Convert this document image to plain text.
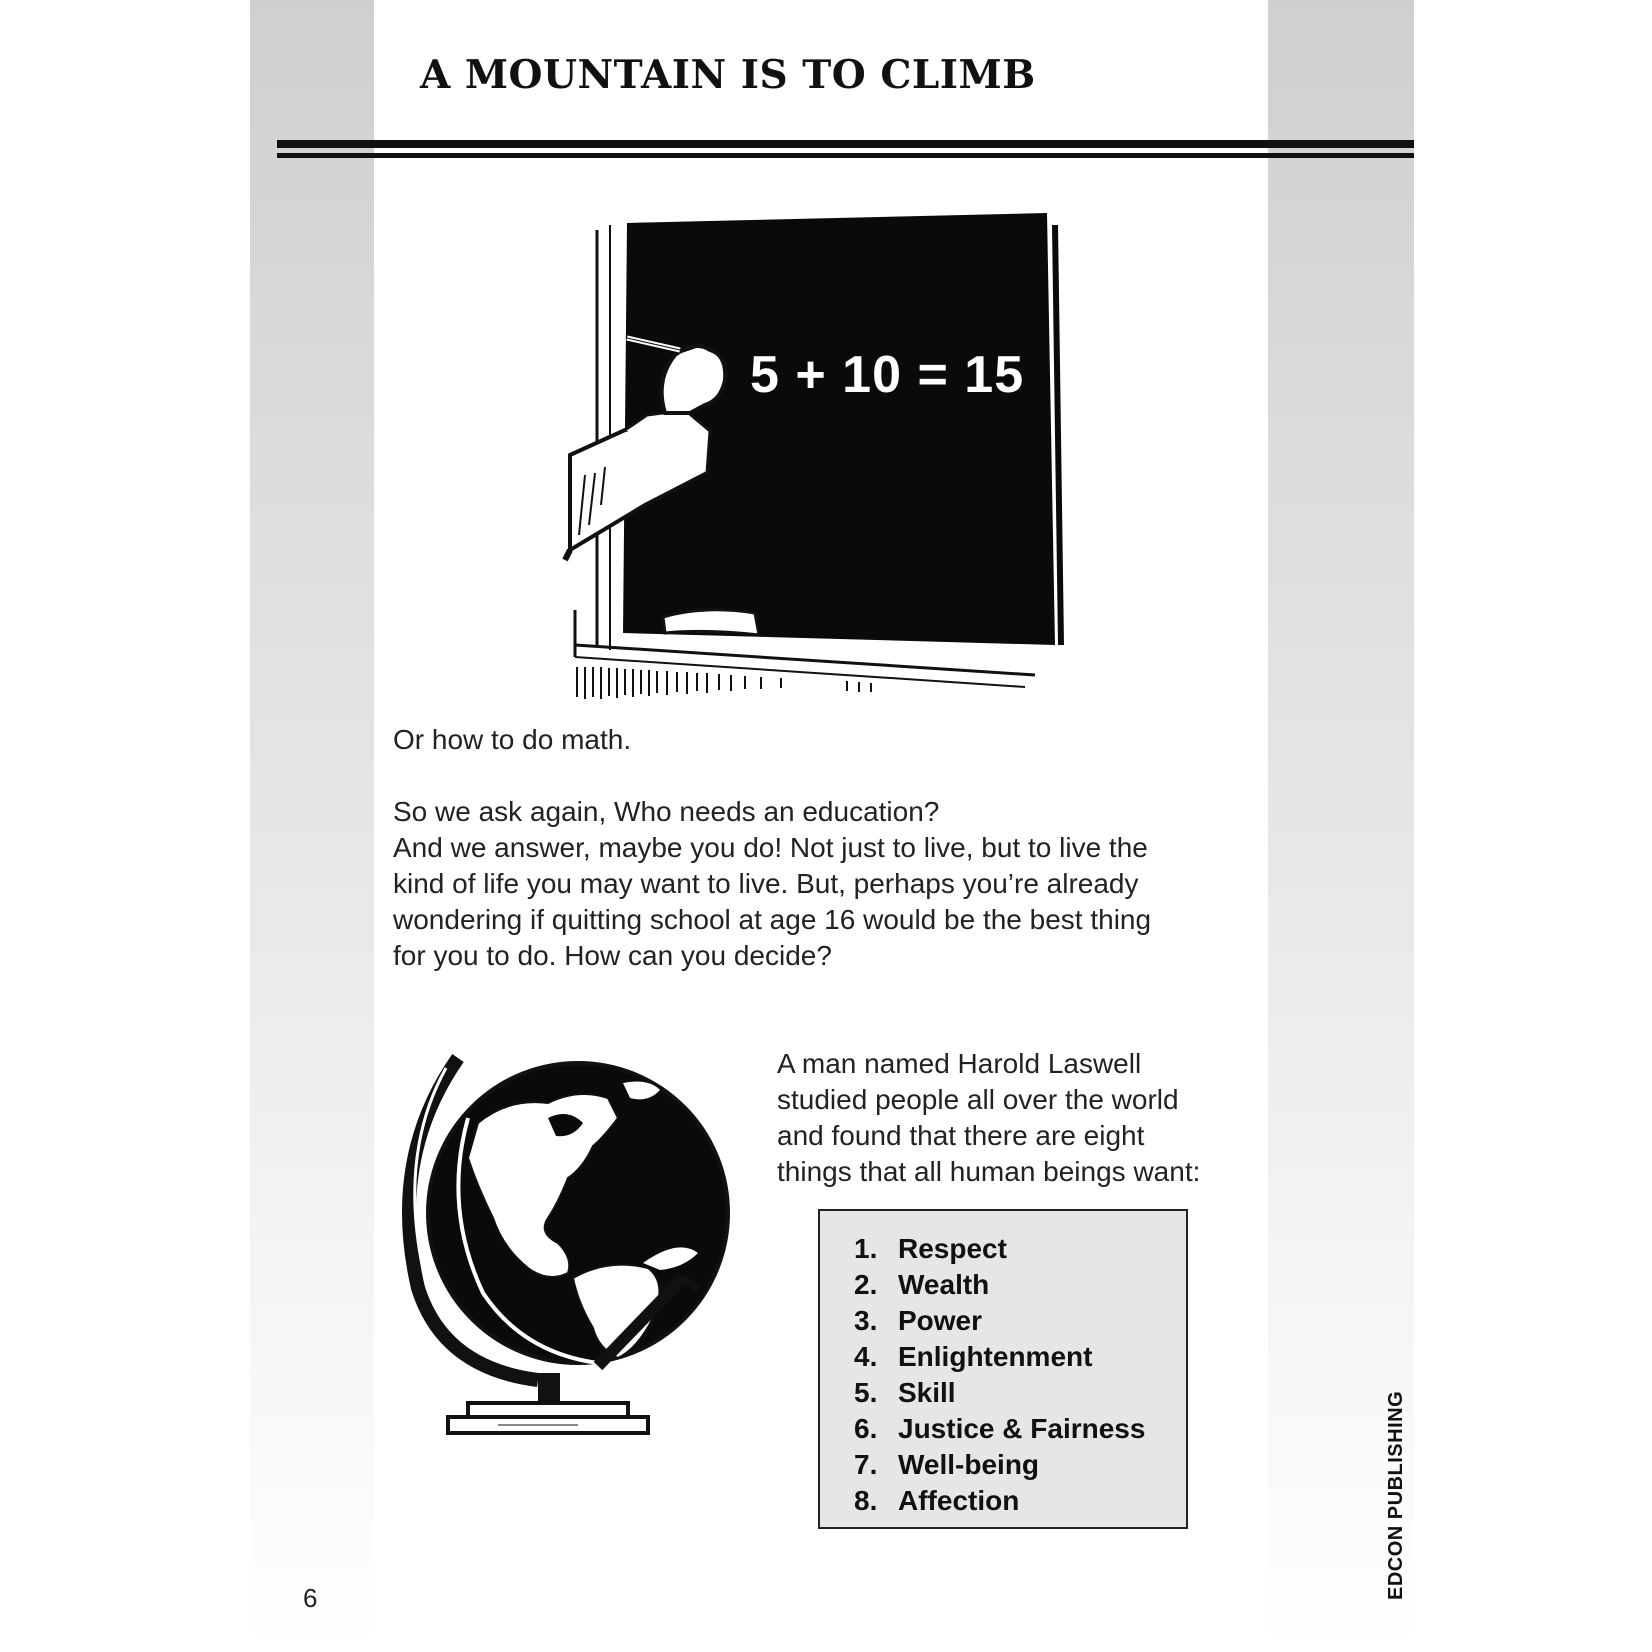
A MOUNTAIN IS TO CLIMB

5 + 10 = 15

Or how to do math.

So we ask again, Who needs an education?
And we answer, maybe you do! Not just to live, but to live the
kind of life you may want to live. But, perhaps you’re already
wondering if quitting school at age 16 would be the best thing
for you to do. How can you decide?

A man named Harold Laswell
studied people all over the world
and found that there are eight
things that all human beings want:

1. Respect
2. Wealth
3. Power
4. Enlightenment
5. Skill
6. Justice & Fairness
7. Well-being
8. Affection
6	EDCON PUBLISHING
